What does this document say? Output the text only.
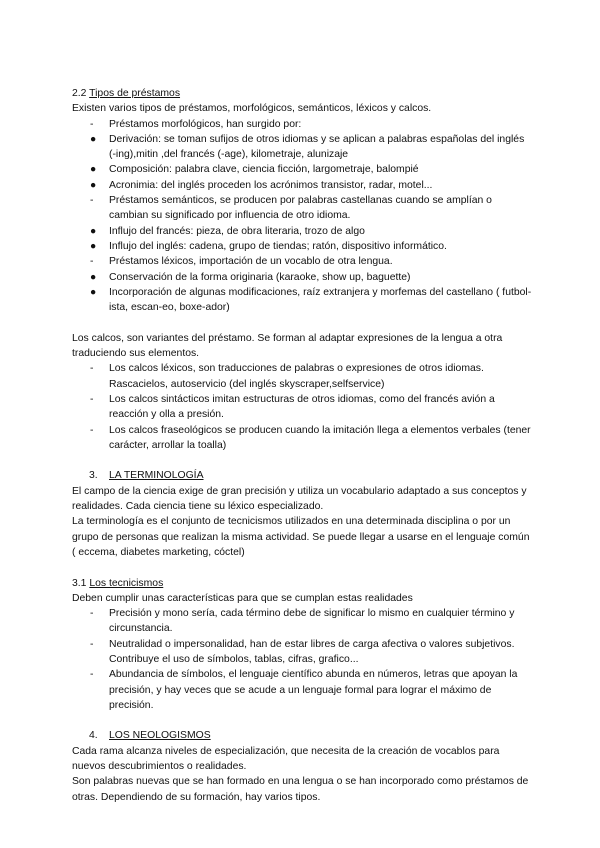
2.2 Tipos de préstamos

Existen varios tipos de préstamos, morfológicos, semánticos, léxicos y calcos.

-	Préstamos morfológicos, han surgido por:
●	Derivación: se toman sufijos de otros idiomas y se aplican a palabras españolas del inglés (-ing),mitin ,del francés (-age), kilometraje, alunizaje
●	Composición: palabra clave, ciencia ficción, largometraje, balompié
●	Acronimia: del inglés proceden los acrónimos transistor, radar, motel...
-	Préstamos semánticos, se producen por palabras castellanas cuando se amplían o cambian su significado por influencia de otro idioma.
●	Influjo del francés: pieza, de obra literaria, trozo de algo
●	Influjo del inglés: cadena, grupo de tiendas; ratón, dispositivo informático.
-	Préstamos léxicos, importación de un vocablo de otra lengua.
●	Conservación de la forma originaria (karaoke, show up, baguette)
●	Incorporación de algunas modificaciones, raíz extranjera y morfemas del castellano ( futbol-ista, escan-eo, boxe-ador)

Los calcos, son variantes del préstamo. Se forman al adaptar expresiones de la lengua a otra traduciendo sus elementos.

-	Los calcos léxicos, son traducciones de palabras o expresiones de otros idiomas. Rascacielos, autoservicio (del inglés skyscraper,selfservice)
-	Los calcos sintácticos imitan estructuras de otros idiomas, como del francés avión a reacción y olla a presión.
-	Los calcos fraseológicos se producen cuando la imitación llega a elementos verbales (tener carácter, arrollar la toalla)

3. LA TERMINOLOGÍA

El campo de la ciencia exige de gran precisión y utiliza un vocabulario adaptado a sus conceptos y realidades. Cada ciencia tiene su léxico especializado.

La terminología es el conjunto de tecnicismos utilizados en una determinada disciplina o por un grupo de personas que realizan la misma actividad. Se puede llegar a usarse en el lenguaje común ( eccema, diabetes marketing, cóctel)

3.1 Los tecnicismos

Deben cumplir unas características para que se cumplan estas realidades

-	Precisión y mono sería, cada término debe de significar lo mismo en cualquier término y circunstancia.
-	Neutralidad o impersonalidad, han de estar libres de carga afectiva o valores subjetivos. Contribuye el uso de símbolos, tablas, cifras, grafico...
-	Abundancia de símbolos, el lenguaje científico abunda en números, letras que apoyan la precisión, y hay veces que se acude a un lenguaje formal para lograr el máximo de precisión.

4. LOS NEOLOGISMOS

Cada rama alcanza niveles de especialización, que necesita de la creación de vocablos para nuevos descubrimientos o realidades.

Son palabras nuevas que se han formado en una lengua o se han incorporado como préstamos de otras. Dependiendo de su formación, hay varios tipos.
